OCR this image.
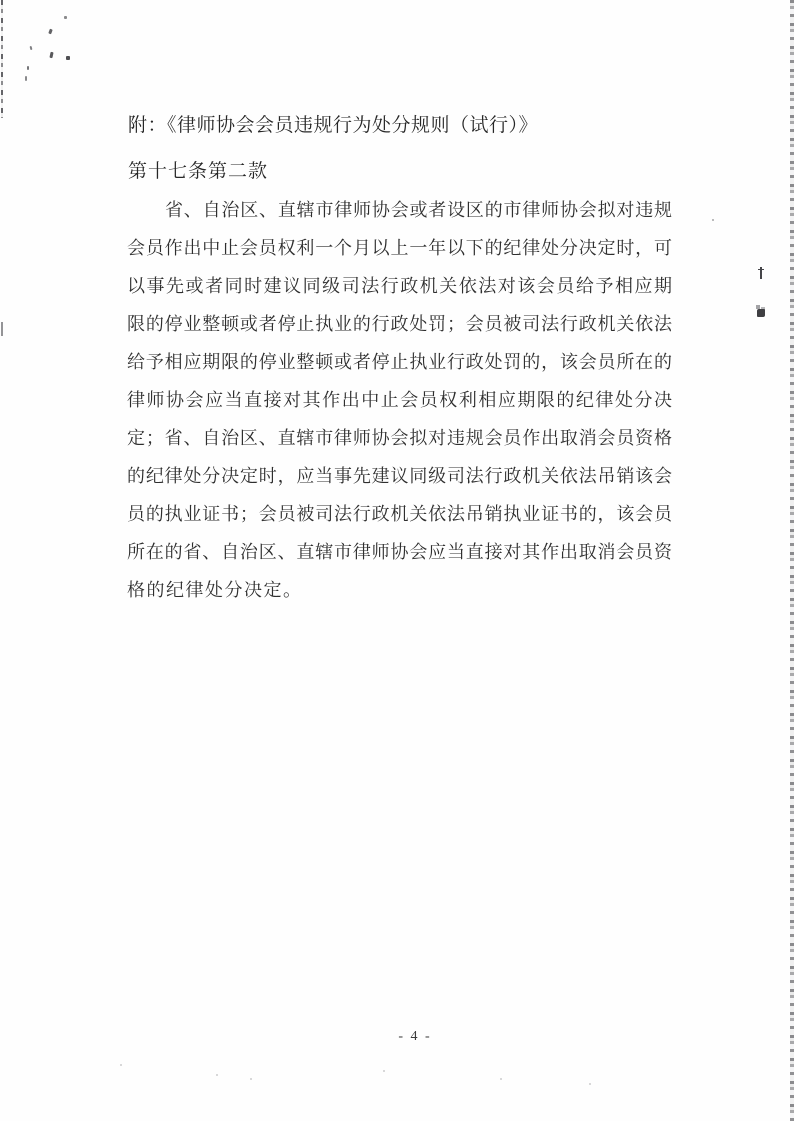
附：《律师协会会员违规行为处分规则（试行）》
第十七条第二款
省、自治区、直辖市律师协会或者设区的市律师协会拟对违规
会员作出中止会员权利一个月以上一年以下的纪律处分决定时，可
以事先或者同时建议同级司法行政机关依法对该会员给予相应期
限的停业整顿或者停止执业的行政处罚；会员被司法行政机关依法
给予相应期限的停业整顿或者停止执业行政处罚的，该会员所在的
律师协会应当直接对其作出中止会员权利相应期限的纪律处分决
定；省、自治区、直辖市律师协会拟对违规会员作出取消会员资格
的纪律处分决定时，应当事先建议同级司法行政机关依法吊销该会
员的执业证书；会员被司法行政机关依法吊销执业证书的，该会员
所在的省、自治区、直辖市律师协会应当直接对其作出取消会员资
格的纪律处分决定。
- 4 -
